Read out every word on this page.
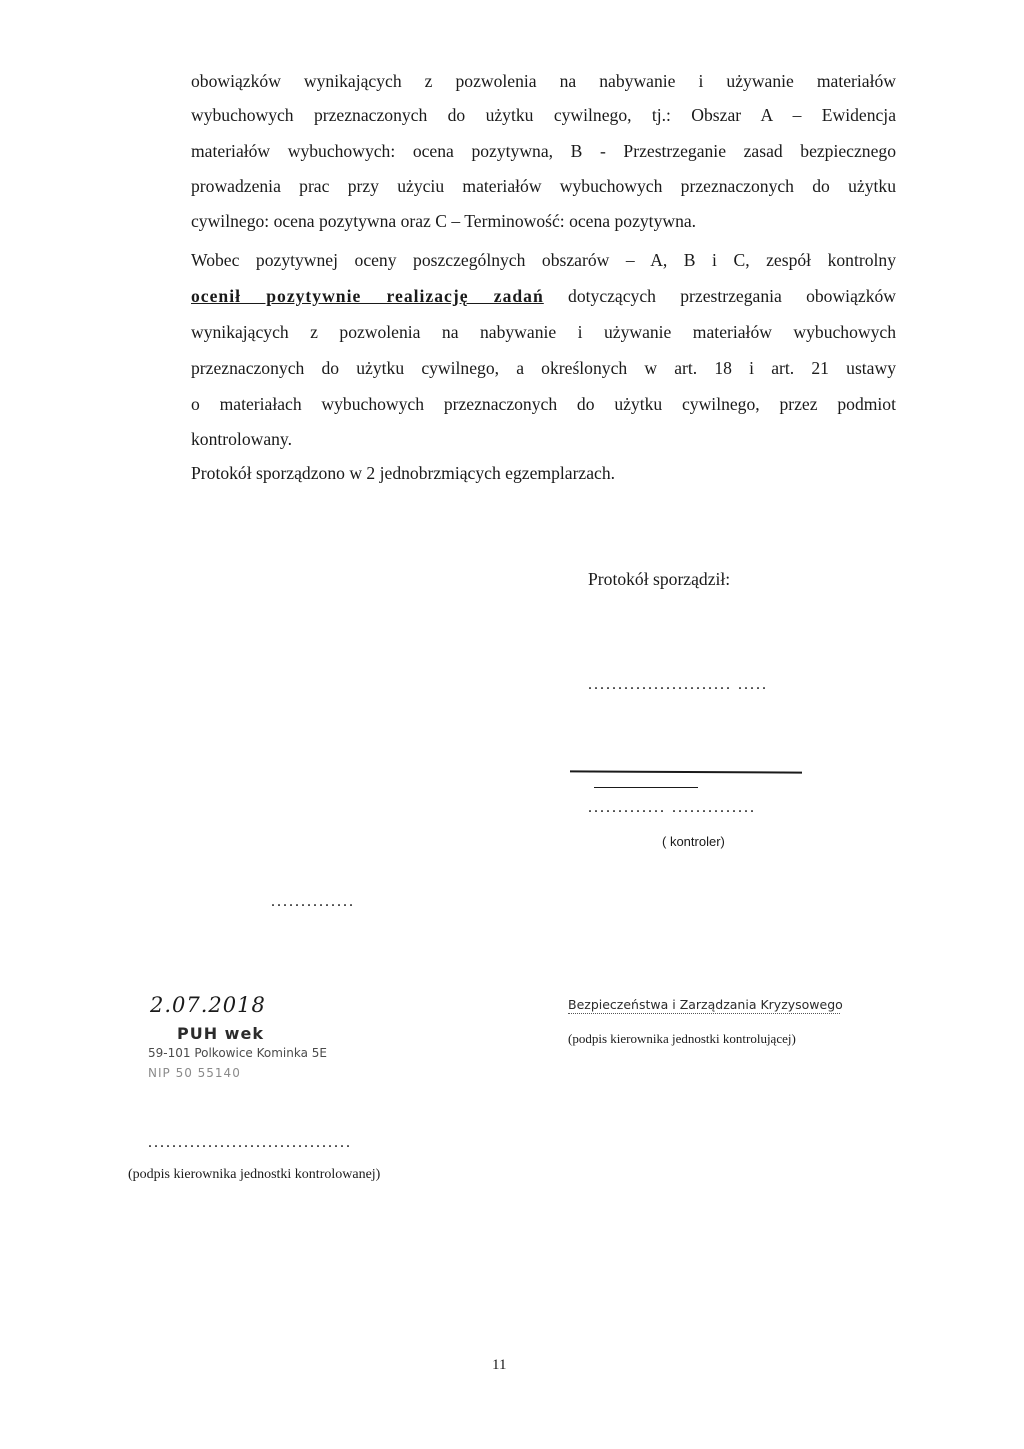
obowiązków wynikających z pozwolenia na nabywanie i używanie materiałów
wybuchowych przeznaczonych do użytku cywilnego, tj.: Obszar A – Ewidencja
materiałów wybuchowych: ocena pozytywna, B - Przestrzeganie zasad bezpiecznego
prowadzenia prac przy użyciu materiałów wybuchowych przeznaczonych do użytku
cywilnego: ocena pozytywna oraz C – Terminowość: ocena pozytywna.
Wobec pozytywnej oceny poszczególnych obszarów – A, B i C, zespół kontrolny
ocenił pozytywnie realizację zadań dotyczących przestrzegania obowiązków
wynikających z pozwolenia na nabywanie i używanie materiałów wybuchowych
przeznaczonych do użytku cywilnego, a określonych w art. 18 i art. 21 ustawy
o materiałach wybuchowych przeznaczonych do użytku cywilnego, przez podmiot
kontrolowany.
Protokół sporządzono w 2 jednobrzmiących egzemplarzach.
Protokół sporządził:
........................ .....
............. ..............
( kontroler)
..............
2.07.2018
PUH wek
59-101 Polkowice Kominka 5E
NIP 50 55140
Bezpieczeństwa i Zarządzania Kryzysowego
(podpis kierownika jednostki kontrolującej)
..................................
(podpis kierownika jednostki kontrolowanej)
11
